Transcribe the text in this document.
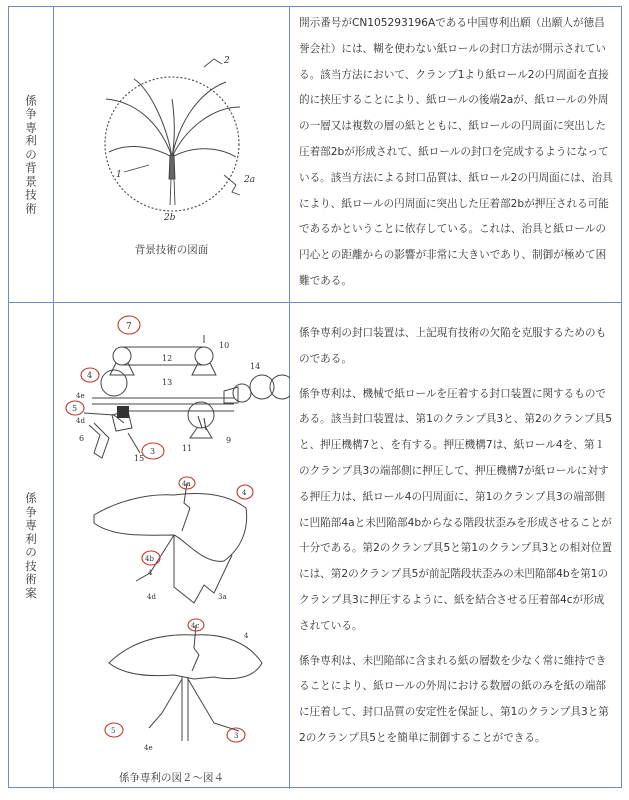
係争専利の背景技術
2
1	2a
2b
背景技術の図面
開示番号がCN105293196Aである中国専利出願（出願人が徳昌誉会社）には、糊を使わない紙ロールの封口方法が開示されている。該当方法において、クランプ1より紙ロール2の円周面を直接的に挟圧することにより、紙ロールの後端2aが、紙ロールの外周の一層又は複数の層の紙とともに、紙ロールの円周面に突出した圧着部2bが形成されて、紙ロールの封口を完成するようになっている。該当方法による封口品質は、紙ロール2の円周面には、治具により、紙ロールの円周面に突出した圧着部2bが押圧される可能であるかということに依存している。これは、治具と紙ロールの円心との距離からの影響が非常に大きいであり、制御が極めて困難である。
係争専利の技術案
7
10
12
4
13
14
4e
4d
5
6
15
3	11
9
4a
4
4b
4
4d	3a
4c
4
5
3
4e
係争専利の図２～図４

係争専利の封口装置は、上記現有技術の欠陥を克服するためのものである。

係争専利は、機械で紙ロールを圧着する封口装置に関するものである。該当封口装置は、第1のクランプ具3と、第2のクランプ具5と、押圧機構7と、を有する。押圧機構7は、紙ロール4を、第１のクランプ具3の端部側に押圧して、押圧機構7が紙ロールに対する押圧力は、紙ロール4の円周面に、第1のクランプ具3の端部側に凹陥部4aと未凹陥部4bからなる階段状歪みを形成させることが十分である。第2のクランプ具5と第1のクランプ具3との相対位置には、第2のクランプ具5が前記階段状歪みの未凹陥部4bを第1のクランプ具3に押圧するように、紙を結合させる圧着部4cが形成されている。

係争専利は、未凹陥部に含まれる紙の層数を少なく常に維持できることにより、紙ロールの外周における数層の紙のみを紙の端部に圧着して、封口品質の安定性を保証し、第1のクランプ具3と第2のクランプ具5とを簡単に制御することができる。
